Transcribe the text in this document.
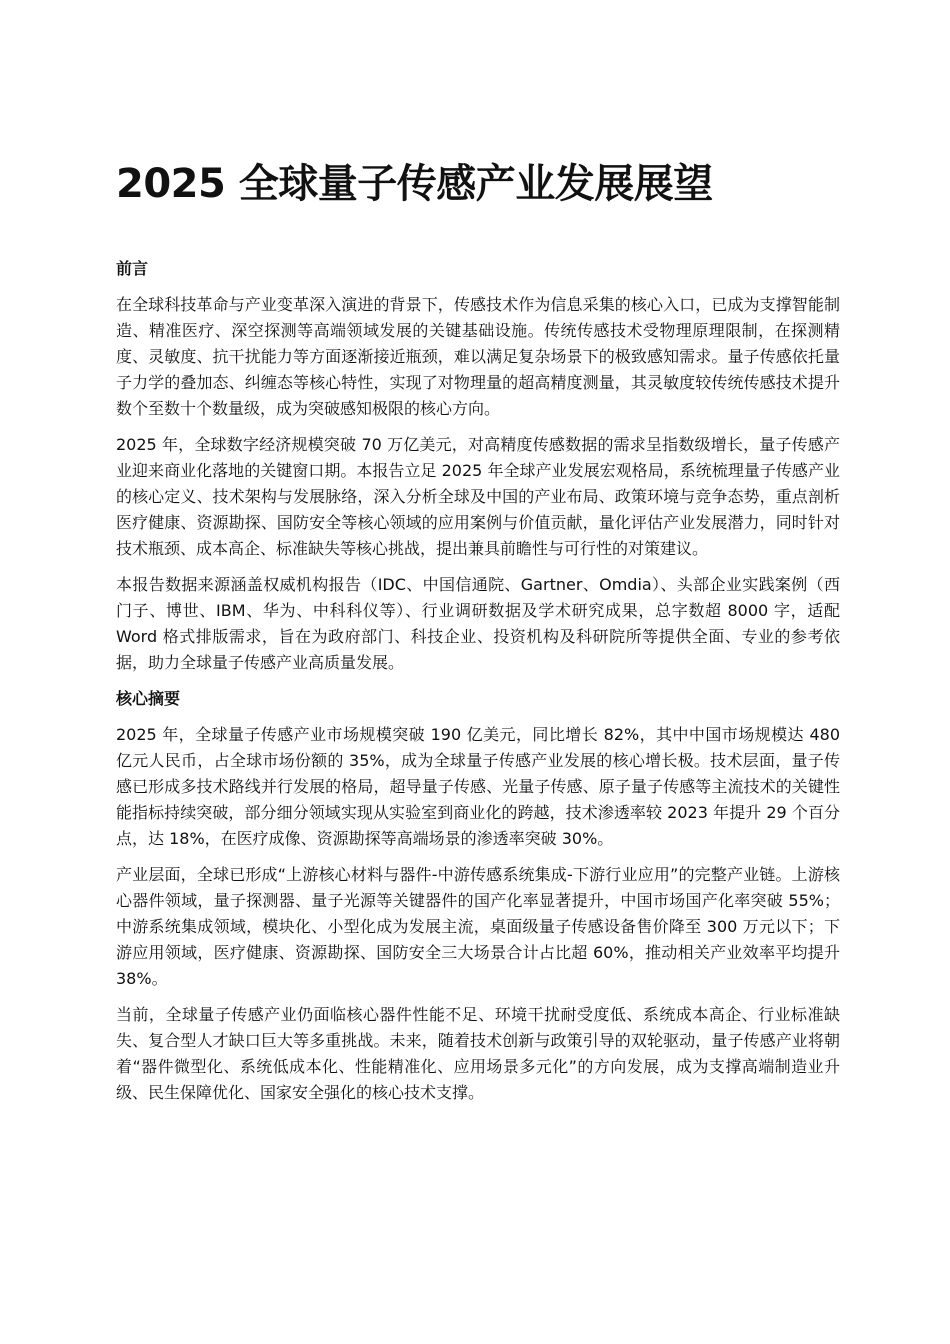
2025 全球量子传感产业发展展望
前言

在全球科技革命与产业变革深入演进的背景下，传感技术作为信息采集的核心入口，已成为支撑智能制造、精准医疗、深空探测等高端领域发展的关键基础设施。传统传感技术受物理原理限制，在探测精度、灵敏度、抗干扰能力等方面逐渐接近瓶颈，难以满足复杂场景下的极致感知需求。量子传感依托量子力学的叠加态、纠缠态等核心特性，实现了对物理量的超高精度测量，其灵敏度较传统传感技术提升数个至数十个数量级，成为突破感知极限的核心方向。

2025 年，全球数字经济规模突破 70 万亿美元，对高精度传感数据的需求呈指数级增长，量子传感产业迎来商业化落地的关键窗口期。本报告立足 2025 年全球产业发展宏观格局，系统梳理量子传感产业的核心定义、技术架构与发展脉络，深入分析全球及中国的产业布局、政策环境与竞争态势，重点剖析医疗健康、资源勘探、国防安全等核心领域的应用案例与价值贡献，量化评估产业发展潜力，同时针对技术瓶颈、成本高企、标准缺失等核心挑战，提出兼具前瞻性与可行性的对策建议。

本报告数据来源涵盖权威机构报告（IDC、中国信通院、Gartner、Omdia）、头部企业实践案例（西门子、博世、IBM、华为、中科科仪等）、行业调研数据及学术研究成果，总字数超 8000 字，适配 Word 格式排版需求，旨在为政府部门、科技企业、投资机构及科研院所等提供全面、专业的参考依据，助力全球量子传感产业高质量发展。

核心摘要

2025 年，全球量子传感产业市场规模突破 190 亿美元，同比增长 82%，其中中国市场规模达 480 亿元人民币，占全球市场份额的 35%，成为全球量子传感产业发展的核心增长极。技术层面，量子传感已形成多技术路线并行发展的格局，超导量子传感、光量子传感、原子量子传感等主流技术的关键性能指标持续突破，部分细分领域实现从实验室到商业化的跨越，技术渗透率较 2023 年提升 29 个百分点，达 18%，在医疗成像、资源勘探等高端场景的渗透率突破 30%。

产业层面，全球已形成“上游核心材料与器件-中游传感系统集成-下游行业应用”的完整产业链。上游核心器件领域，量子探测器、量子光源等关键器件的国产化率显著提升，中国市场国产化率突破 55%；中游系统集成领域，模块化、小型化成为发展主流，桌面级量子传感设备售价降至 300 万元以下；下游应用领域，医疗健康、资源勘探、国防安全三大场景合计占比超 60%，推动相关产业效率平均提升 38%。

当前，全球量子传感产业仍面临核心器件性能不足、环境干扰耐受度低、系统成本高企、行业标准缺失、复合型人才缺口巨大等多重挑战。未来，随着技术创新与政策引导的双轮驱动，量子传感产业将朝着“器件微型化、系统低成本化、性能精准化、应用场景多元化”的方向发展，成为支撑高端制造业升级、民生保障优化、国家安全强化的核心技术支撑。
